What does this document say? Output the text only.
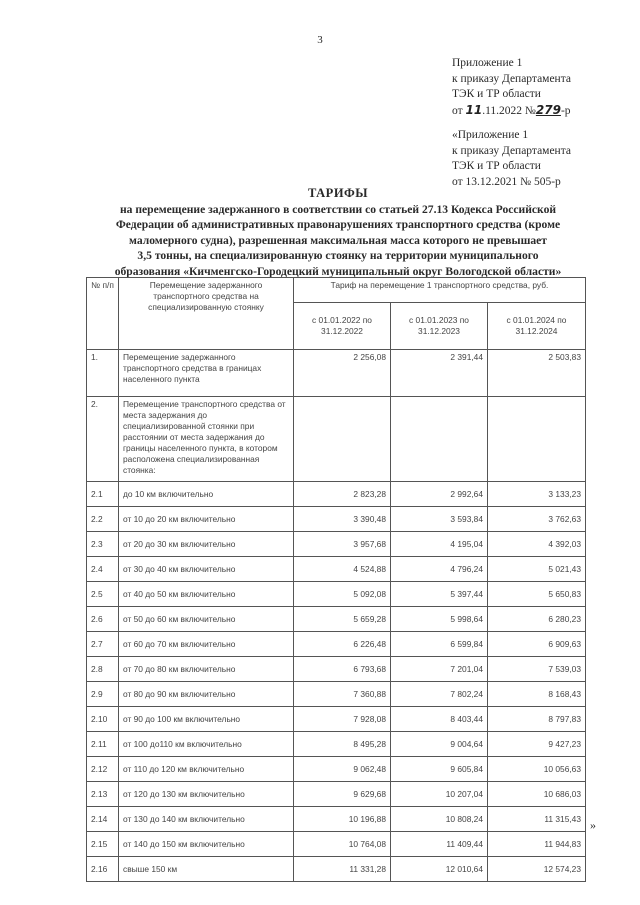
3
Приложение 1
к приказу Департамента
ТЭК и ТР области
от 11.11.2022 №279-р
«Приложение 1
к приказу Департамента
ТЭК и ТР области
от 13.12.2021 № 505-р
ТАРИФЫ
на перемещение задержанного в соответствии со статьей 27.13 Кодекса Российской
Федерации об административных правонарушениях транспортного средства (кроме
маломерного судна), разрешенная максимальная масса которого не превышает
3,5 тонны, на специализированную стоянку на территории муниципального
образования «Кичменгско-Городецкий муниципальный округ Вологодской области»
№ п/п	Перемещение задержанного транспортного средства на специализированную стоянку	Тариф на перемещение 1 транспортного средства, руб.		
		с 01.01.2022 по 31.12.2022	с 01.01.2023 по 31.12.2023	с 01.01.2024 по 31.12.2024
1.	Перемещение задержанного транспортного средства в границах населенного пункта	2 256,08	2 391,44	2 503,83
2.	Перемещение транспортного средства от места задержания до специализированной стоянки при расстоянии от места задержания до границы населенного пункта, в котором расположена специализированная стоянка:			
2.1	до 10 км включительно	2 823,28	2 992,64	3 133,23
2.2	от 10 до 20 км включительно	3 390,48	3 593,84	3 762,63
2.3	от 20 до 30 км включительно	3 957,68	4 195,04	4 392,03
2.4	от 30 до 40 км включительно	4 524,88	4 796,24	5 021,43
2.5	от 40 до 50 км включительно	5 092,08	5 397,44	5 650,83
2.6	от 50 до 60 км включительно	5 659,28	5 998,64	6 280,23
2.7	от 60 до 70 км включительно	6 226,48	6 599,84	6 909,63
2.8	от 70 до 80 км включительно	6 793,68	7 201,04	7 539,03
2.9	от 80 до 90 км включительно	7 360,88	7 802,24	8 168,43
2.10	от 90 до 100 км включительно	7 928,08	8 403,44	8 797,83
2.11	от 100 до110 км включительно	8 495,28	9 004,64	9 427,23
2.12	от 110 до 120 км включительно	9 062,48	9 605,84	10 056,63
2.13	от 120 до 130 км включительно	9 629,68	10 207,04	10 686,03
2.14	от 130 до 140 км включительно	10 196,88	10 808,24	11 315,43
2.15	от 140 до 150 км включительно	10 764,08	11 409,44	11 944,83
2.16	свыше 150 км	11 331,28	12 010,64	12 574,23
»
